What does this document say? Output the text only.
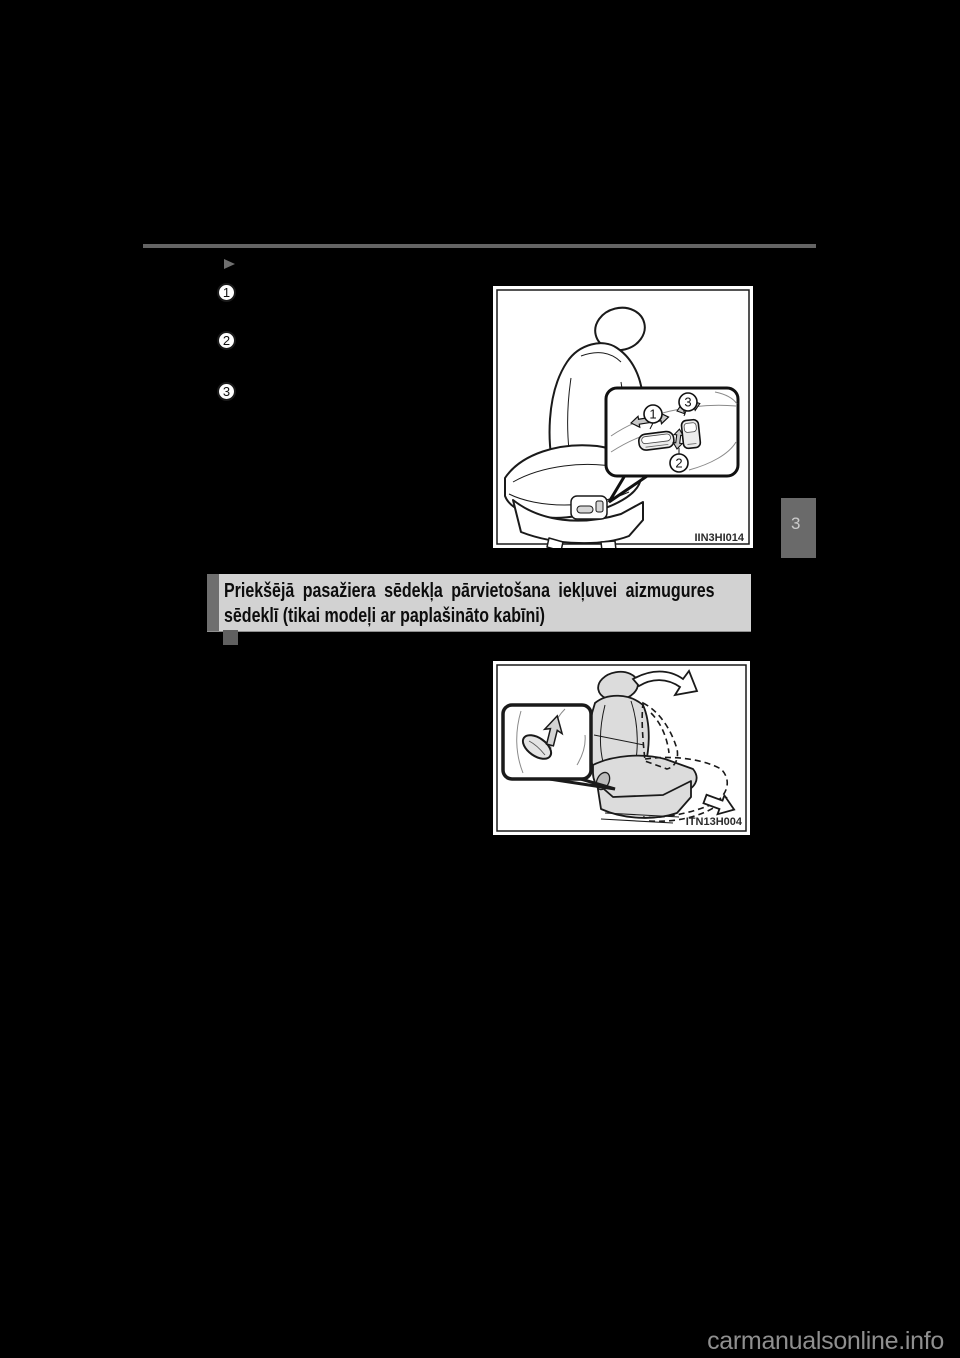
1
2
3
1
3
2
IIN3HI014
3
Priekšējā pasažiera sēdekļa pārvietošana iekļuvei aizmugures
sēdeklī (tikai modeļi ar paplašināto kabīni)
ITN13H004
carmanualsonline.info
